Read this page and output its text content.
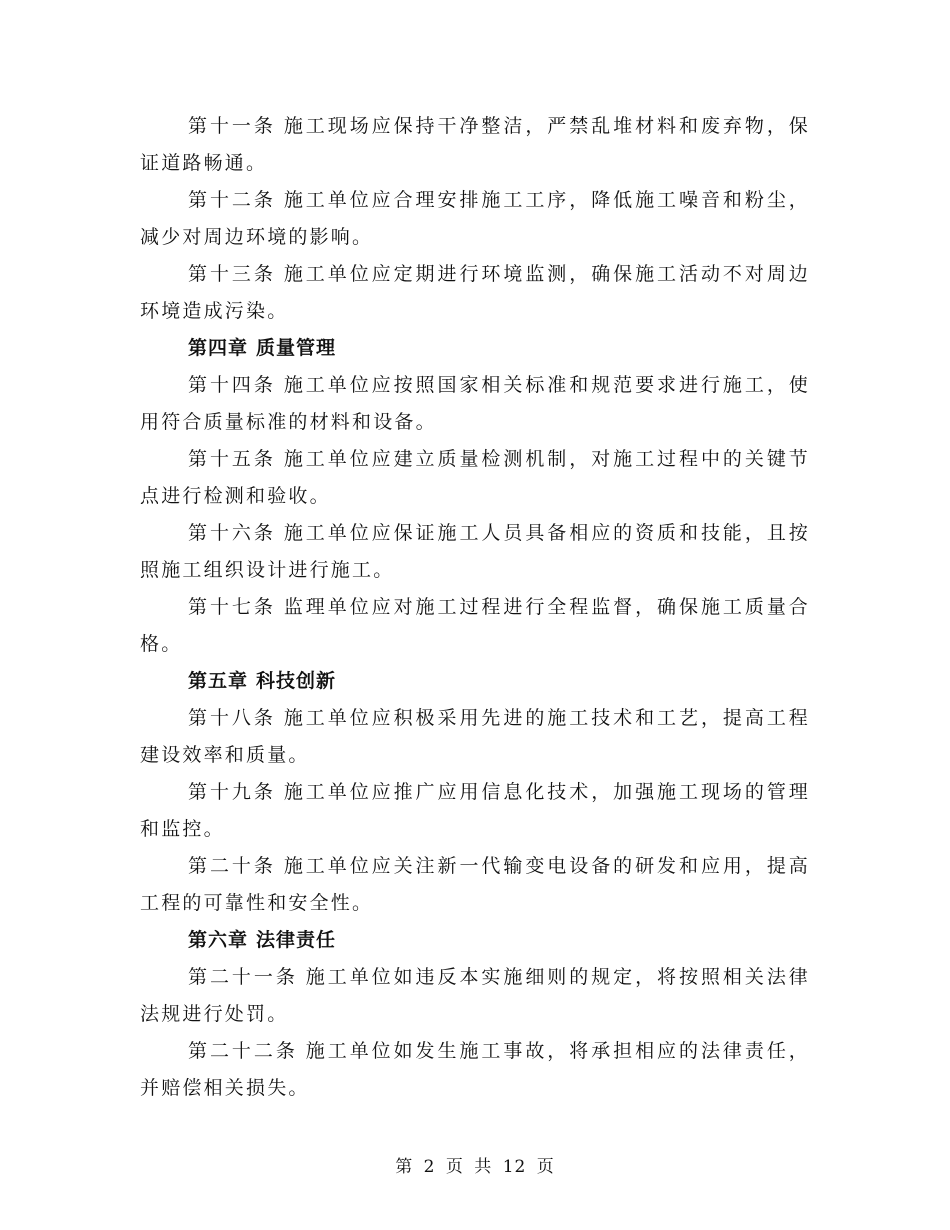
第十一条 施工现场应保持干净整洁，严禁乱堆材料和废弃物，保证道路畅通。

第十二条 施工单位应合理安排施工工序，降低施工噪音和粉尘，减少对周边环境的影响。

第十三条 施工单位应定期进行环境监测，确保施工活动不对周边环境造成污染。

第四章 质量管理

第十四条 施工单位应按照国家相关标准和规范要求进行施工，使用符合质量标准的材料和设备。

第十五条 施工单位应建立质量检测机制，对施工过程中的关键节点进行检测和验收。

第十六条 施工单位应保证施工人员具备相应的资质和技能，且按照施工组织设计进行施工。

第十七条 监理单位应对施工过程进行全程监督，确保施工质量合格。

第五章 科技创新

第十八条 施工单位应积极采用先进的施工技术和工艺，提高工程建设效率和质量。

第十九条 施工单位应推广应用信息化技术，加强施工现场的管理和监控。

第二十条 施工单位应关注新一代输变电设备的研发和应用，提高工程的可靠性和安全性。

第六章 法律责任

第二十一条 施工单位如违反本实施细则的规定，将按照相关法律法规进行处罚。

第二十二条 施工单位如发生施工事故，将承担相应的法律责任，并赔偿相关损失。

第 2 页 共 12 页
